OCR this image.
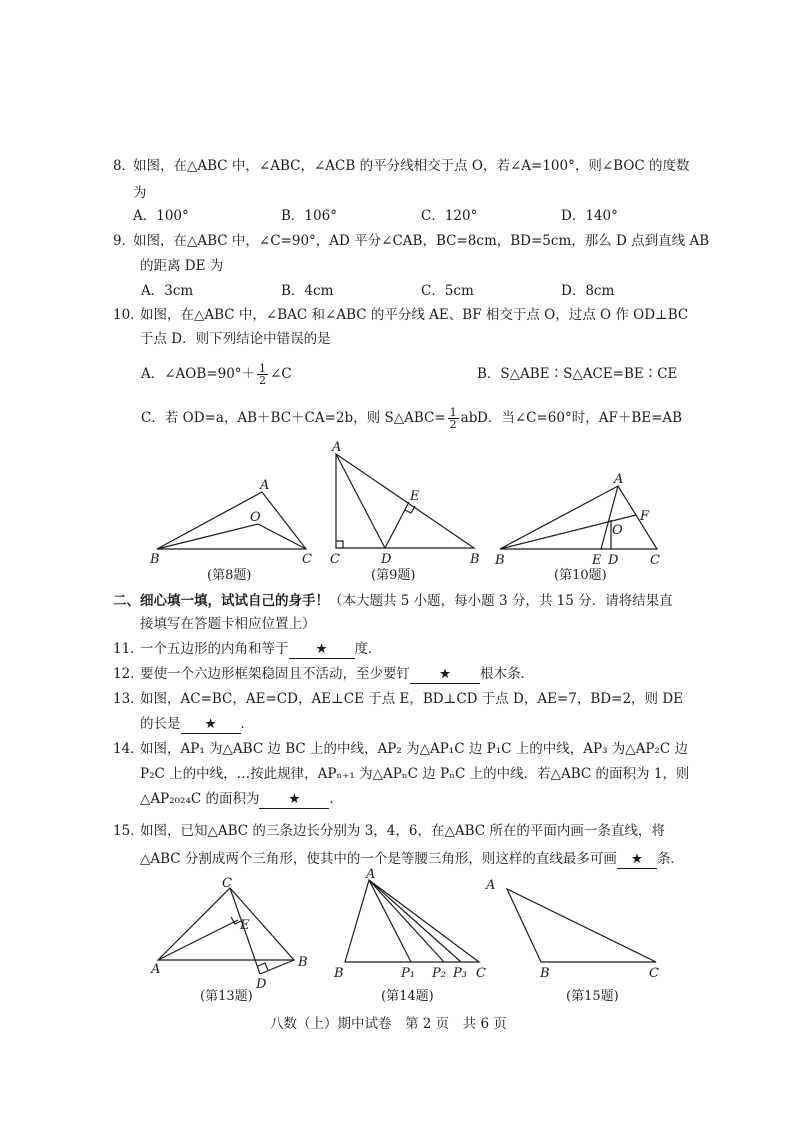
8．
如图，在△ABC 中，∠ABC，∠ACB 的平分线相交于点 O，若∠A=100°，则∠BOC 的度数
为
A．100°	B．106°	C．120°	D．140°
9．
如图，在△ABC 中，∠C=90°，AD 平分∠CAB，BC=8cm，BD=5cm，那么 D 点到直线 AB
的距离 DE 为
A．3cm	B．4cm	C．5cm	D．8cm
10．
如图，在△ABC 中，∠BAC 和∠ABC 的平分线 AE、BF 相交于点 O，过点 O 作 OD⊥BC
于点 D．则下列结论中错误的是
A．∠AOB=90°＋ $\frac{1}{2}$ ∠C	B．S△ABE∶S△ACE=BE∶CE
C．若 OD=a，AB＋BC＋CA=2b，则 S△ABC= $\frac{1}{2}$ ab D．当∠C=60°时，AF＋BE=AB
A
B	C
O
(第8题)
A
C	D	B
E
(第9题)
A
F
O
B	E D C
(第10题)
二、细心填一填，试试自己的身手！（本大题共 5 小题，每小题 3 分，共 15 分．请将结果直
接填写在答题卡相应位置上）
11．
一个五边形的内角和等于 ★ 度．
12．
要使一个六边形框架稳固且不活动，至少要钉 ★ 根木条．
13．
如图，AC=BC，AE=CD，AE⊥CE 于点 E，BD⊥CD 于点 D，AE=7，BD=2，则 DE
的长是 ★ ．
14．
如图，AP₁ 为△ABC 边 BC 上的中线，AP₂ 为△AP₁C 边 P₁C 上的中线，AP₃ 为△AP₂C 边
P₂C 上的中线，…按此规律，APₙ₊₁ 为△APₙC 边 PₙC 上的中线．若△ABC 的面积为 1，则
△AP₂₀₂₄C 的面积为 ★ ．
15．
如图，已知△ABC 的三条边长分别为 3，4，6，在△ABC 所在的平面内画一条直线，将
△ABC 分割成两个三角形，使其中的一个是等腰三角形，则这样的直线最多可画 ★ 条．
C
E
A	B
D
(第13题)
A
B	P₁ P₂ P₃ C
(第14题)
A
B	C
(第15题)
八数（上）期中试卷　第 2 页　共 6 页
